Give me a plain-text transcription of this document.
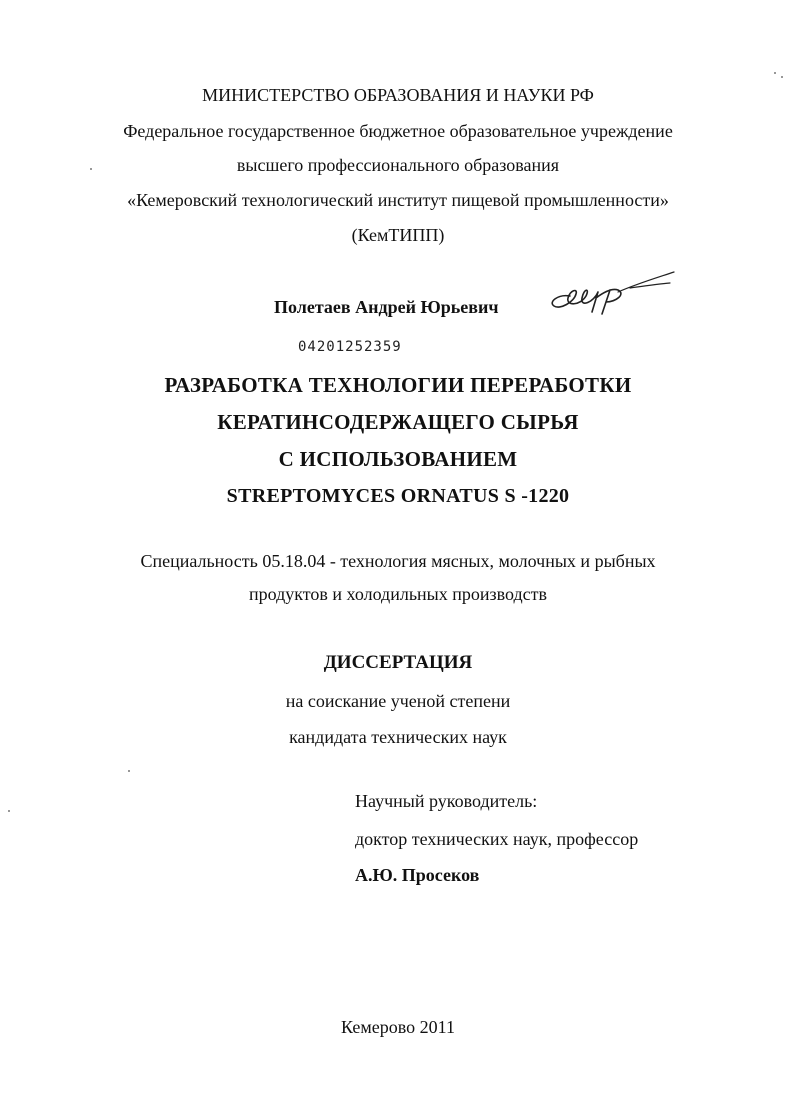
МИНИСТЕРСТВО ОБРАЗОВАНИЯ И НАУКИ РФ
Федеральное государственное бюджетное образовательное учреждение
высшего профессионального образования
«Кемеровский технологический институт пищевой промышленности»
(КемТИПП)
Полетаев Андрей Юрьевич
04201252359
РАЗРАБОТКА ТЕХНОЛОГИИ ПЕРЕРАБОТКИ
КЕРАТИНСОДЕРЖАЩЕГО СЫРЬЯ
С ИСПОЛЬЗОВАНИЕМ
STREPTOMYCES ORNATUS S -1220
Специальность 05.18.04 - технология мясных, молочных и рыбных
продуктов и холодильных производств
ДИССЕРТАЦИЯ
на соискание ученой степени
кандидата технических наук
Научный руководитель:
доктор технических наук, профессор
А.Ю. Просеков
Кемерово 2011
